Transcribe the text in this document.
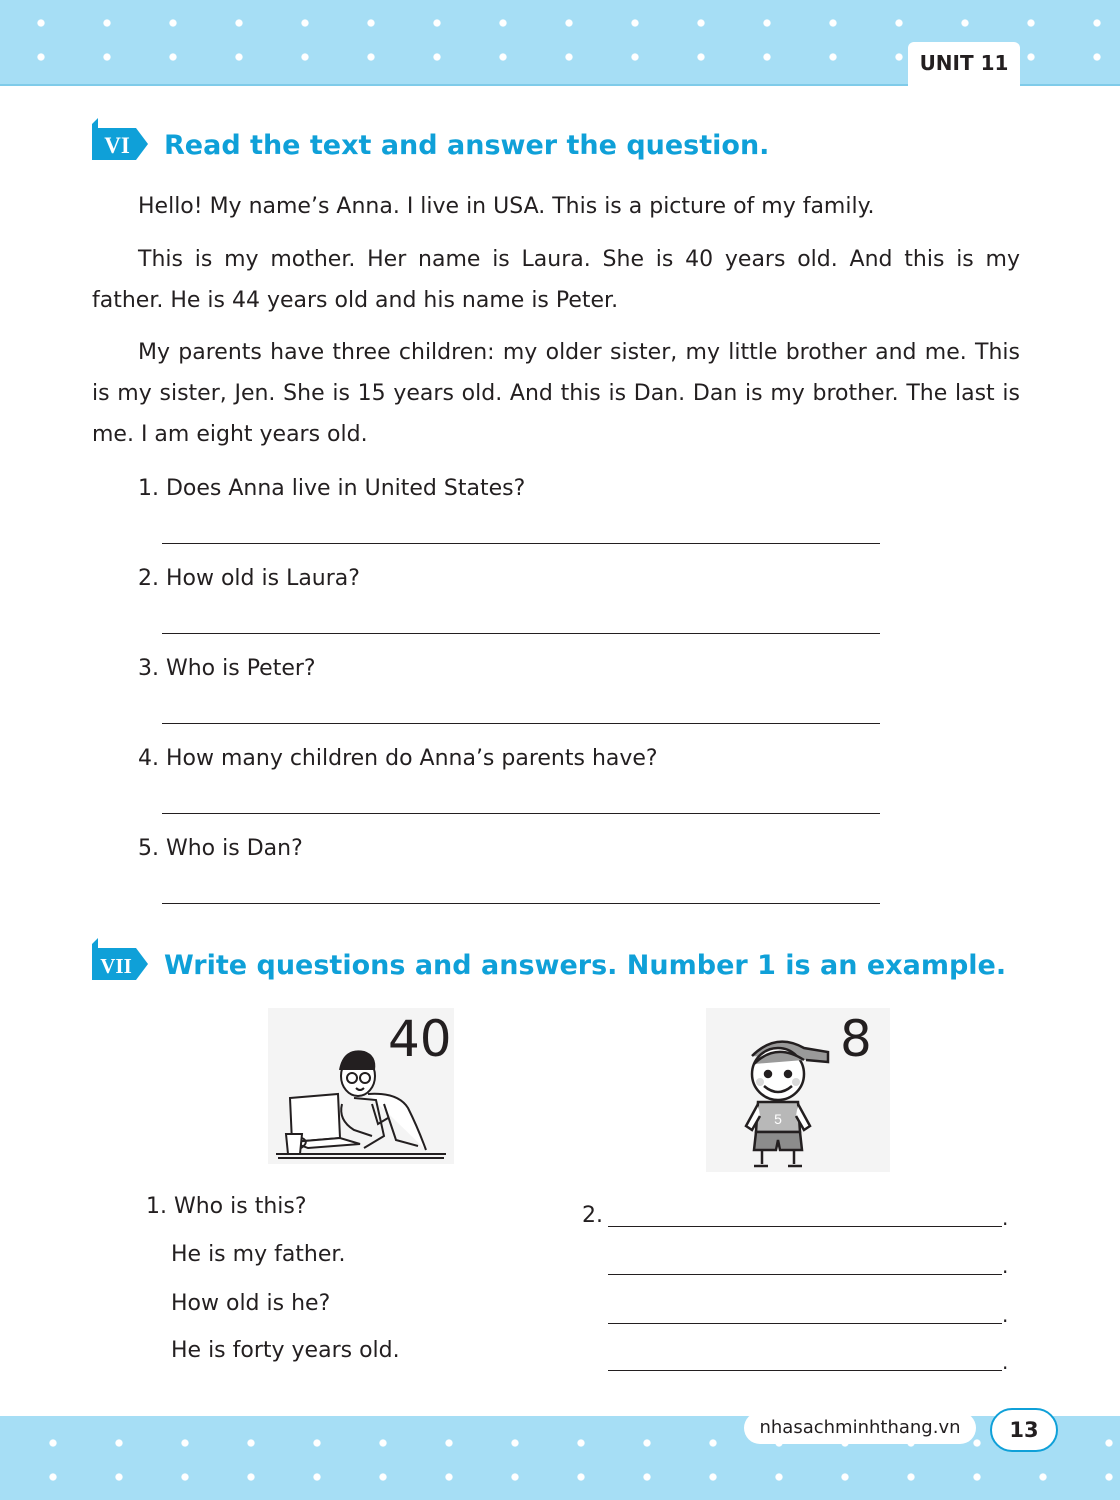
UNIT 11
VI Read the text and answer the question.

Hello! My name’s Anna. I live in USA. This is a picture of my family.

This is my mother. Her name is Laura. She is 40 years old. And this is my father. He is 44 years old and his name is Peter.

My parents have three children: my older sister, my little brother and me. This is my sister, Jen. She is 15 years old. And this is Dan. Dan is my brother. The last is me. I am eight years old.

1. Does Anna live in United States?
2. How old is Laura?
3. Who is Peter?
4. How many children do Anna’s parents have?
5. Who is Dan?
VII Write questions and answers. Number 1 is an example.
40
5
8
1. Who is this?
He is my father.
How old is he?
He is forty years old.
2.	.
.
.
.
nhasachminhthang.vn	13
